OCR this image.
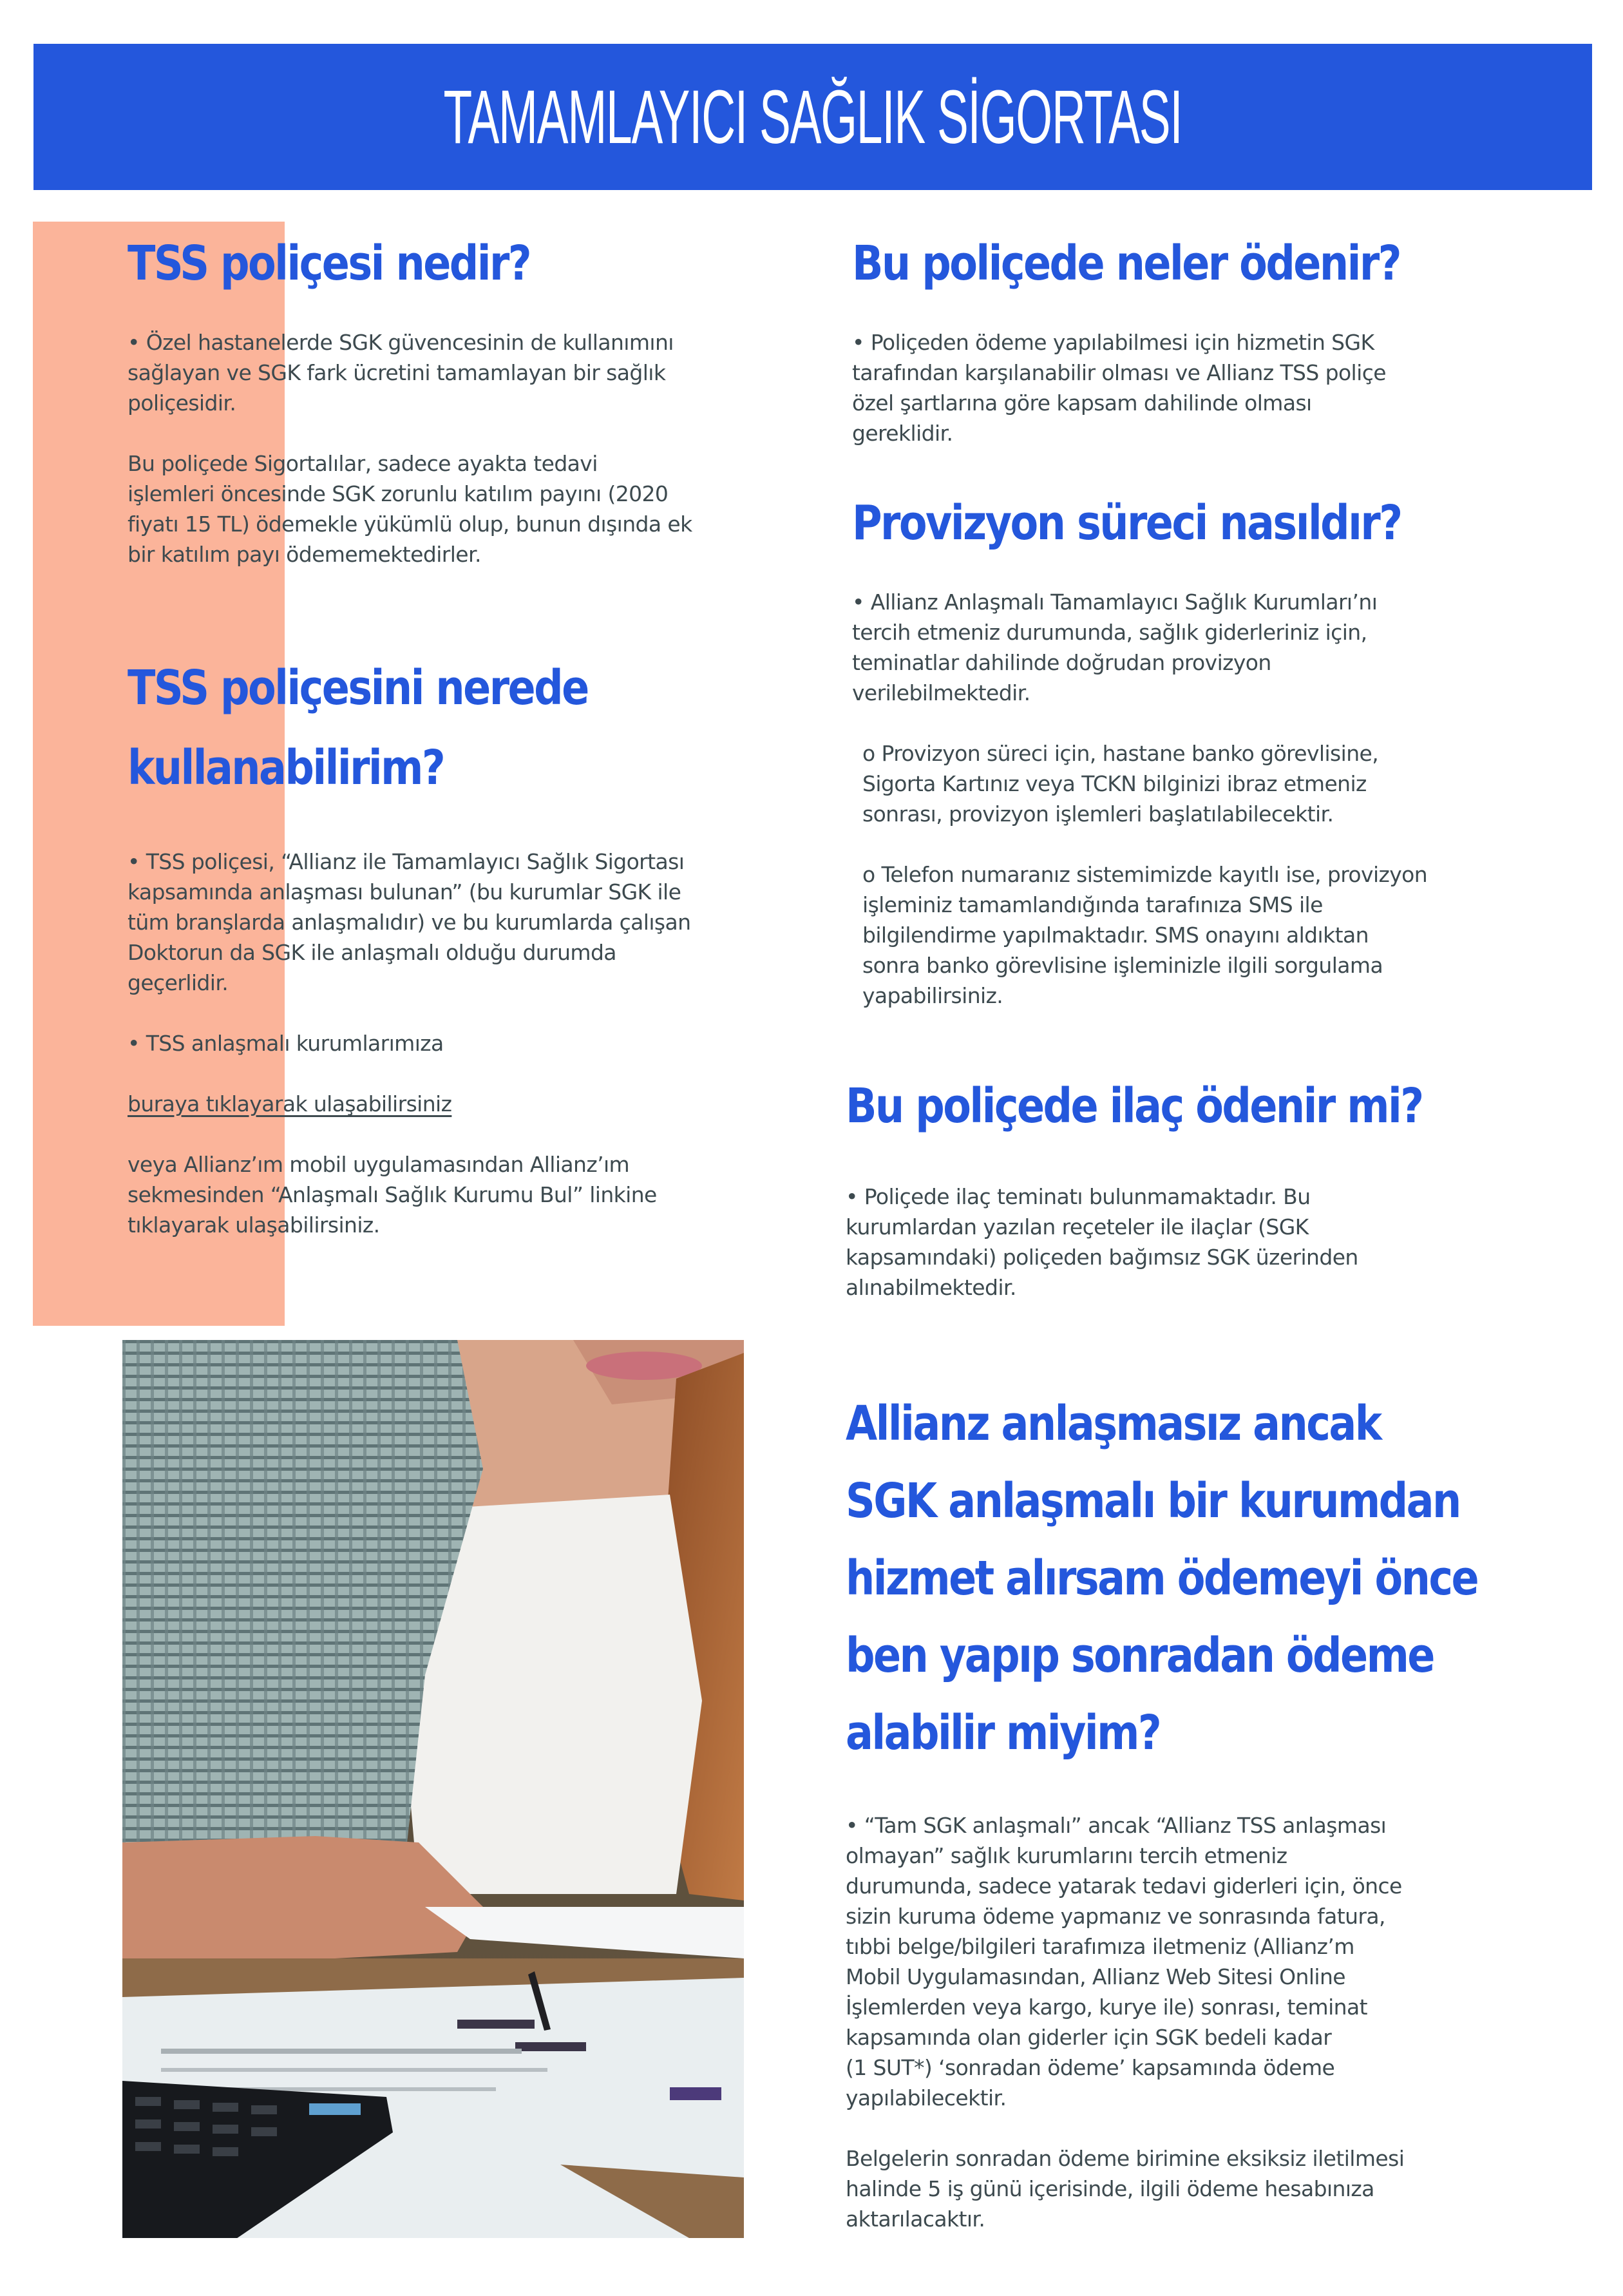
TAMAMLAYICI SAĞLIK SİGORTASI
TSS poliçesi nedir?

• Özel hastanelerde SGK güvencesinin de kullanımını
sağlayan ve SGK fark ücretini tamamlayan bir sağlık
poliçesidir.

Bu poliçede Sigortalılar, sadece ayakta tedavi
işlemleri öncesinde SGK zorunlu katılım payını (2020
fiyatı 15 TL) ödemekle yükümlü olup, bunun dışında ek
bir katılım payı ödememektedirler.

TSS poliçesini nerede
kullanabilirim?

• TSS poliçesi, “Allianz ile Tamamlayıcı Sağlık Sigortası
kapsamında anlaşması bulunan” (bu kurumlar SGK ile
tüm branşlarda anlaşmalıdır) ve bu kurumlarda çalışan
Doktorun da SGK ile anlaşmalı olduğu durumda
geçerlidir.

• TSS anlaşmalı kurumlarımıza

buraya tıklayarak ulaşabilirsiniz

veya Allianz’ım mobil uygulamasından Allianz’ım
sekmesinden “Anlaşmalı Sağlık Kurumu Bul” linkine
tıklayarak ulaşabilirsiniz.

Bu poliçede neler ödenir?

• Poliçeden ödeme yapılabilmesi için hizmetin SGK
tarafından karşılanabilir olması ve Allianz TSS poliçe
özel şartlarına göre kapsam dahilinde olması
gereklidir.

Provizyon süreci nasıldır?

• Allianz Anlaşmalı Tamamlayıcı Sağlık Kurumları’nı
tercih etmeniz durumunda, sağlık giderleriniz için,
teminatlar dahilinde doğrudan provizyon
verilebilmektedir.

o Provizyon süreci için, hastane banko görevlisine,
Sigorta Kartınız veya TCKN bilginizi ibraz etmeniz
sonrası, provizyon işlemleri başlatılabilecektir.

o Telefon numaranız sistemimizde kayıtlı ise, provizyon
işleminiz tamamlandığında tarafınıza SMS ile
bilgilendirme yapılmaktadır. SMS onayını aldıktan
sonra banko görevlisine işleminizle ilgili sorgulama
yapabilirsiniz.

Bu poliçede ilaç ödenir mi?

• Poliçede ilaç teminatı bulunmamaktadır. Bu
kurumlardan yazılan reçeteler ile ilaçlar (SGK
kapsamındaki) poliçeden bağımsız SGK üzerinden
alınabilmektedir.

Allianz anlaşmasız ancak
SGK anlaşmalı bir kurumdan
hizmet alırsam ödemeyi önce
ben yapıp sonradan ödeme
alabilir miyim?

• “Tam SGK anlaşmalı” ancak “Allianz TSS anlaşması
olmayan” sağlık kurumlarını tercih etmeniz
durumunda, sadece yatarak tedavi giderleri için, önce
sizin kuruma ödeme yapmanız ve sonrasında fatura,
tıbbi belge/bilgileri tarafımıza iletmeniz (Allianz’m
Mobil Uygulamasından, Allianz Web Sitesi Online
İşlemlerden veya kargo, kurye ile) sonrası, teminat
kapsamında olan giderler için SGK bedeli kadar
(1 SUT*) ‘sonradan ödeme’ kapsamında ödeme
yapılabilecektir.

Belgelerin sonradan ödeme birimine eksiksiz iletilmesi
halinde 5 iş günü içerisinde, ilgili ödeme hesabınıza
aktarılacaktır.
